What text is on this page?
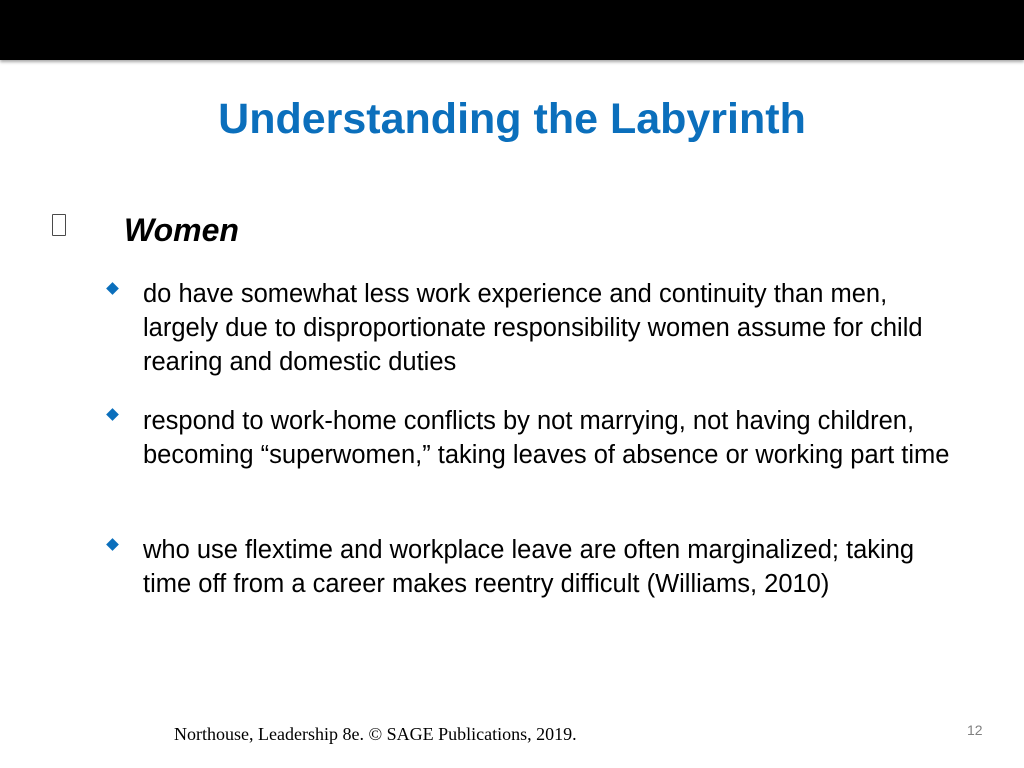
Understanding the Labyrinth
Women

do have somewhat less work experience and continuity than men, largely due to disproportionate responsibility women assume for child rearing and domestic duties

respond to work-home conflicts by not marrying, not having children, becoming “superwomen,” taking leaves of absence or working part time

who use flextime and workplace leave are often marginalized; taking time off from a career makes reentry difficult (Williams, 2010)

Northouse, Leadership 8e. © SAGE Publications, 2019.	12
